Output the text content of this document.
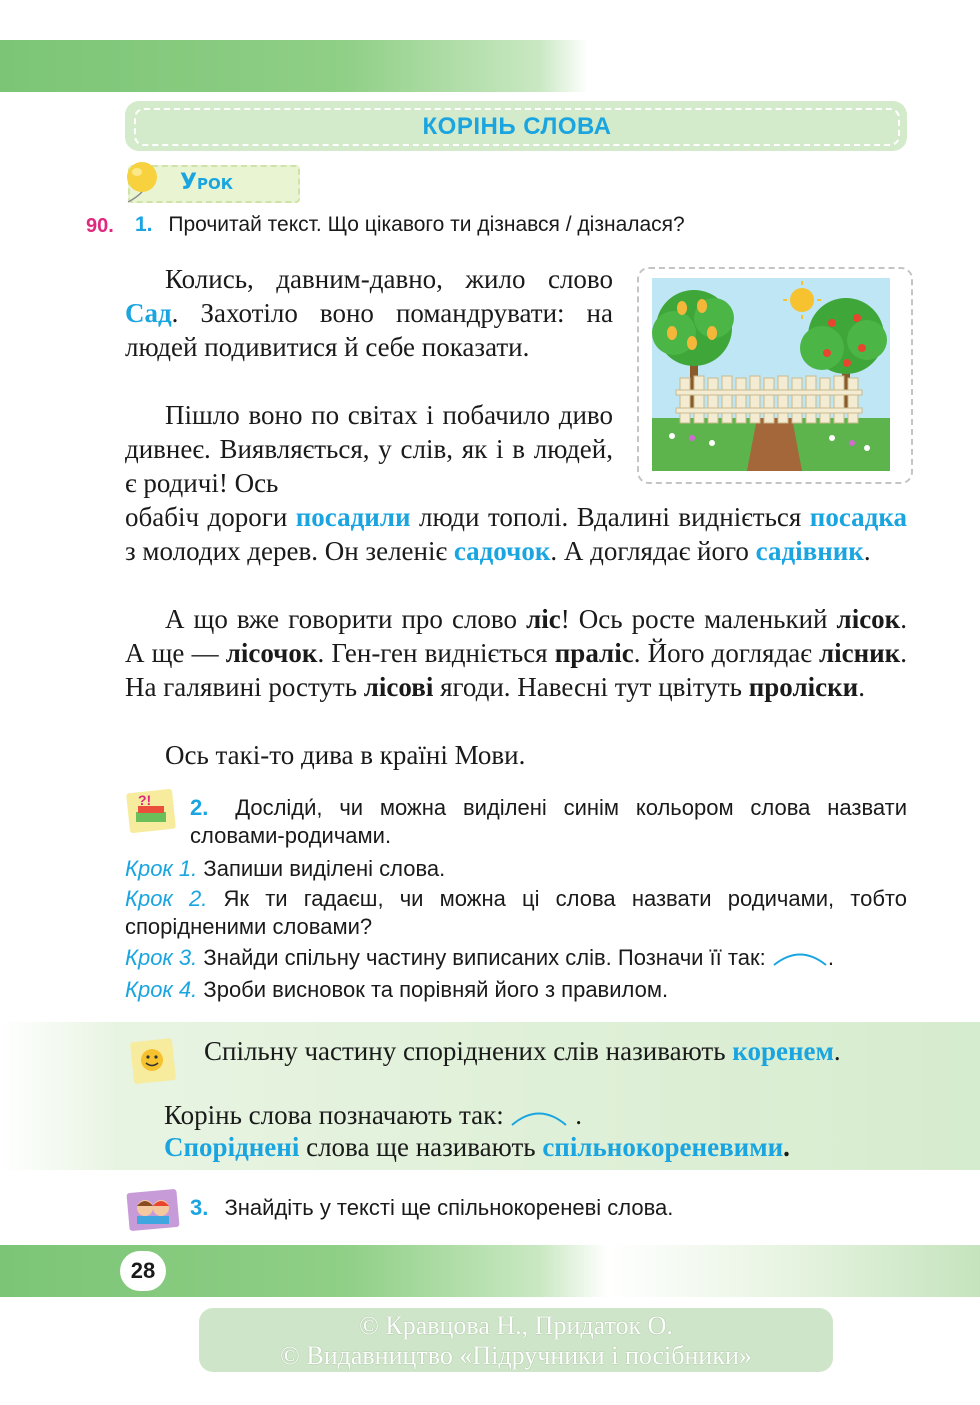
КОРІНЬ СЛОВА
Урок
90. 1. Прочитай текст. Що цікавого ти дізнався / дізналася?
Колись, давним-давно, жило слово Сад. Захотіло воно помандрувати: на людей подивитися й себе показати.
Пішло воно по світах і побачило диво дивнеє. Виявляється, у слів, як і в людей, є родичі! Ось
обабіч дороги посадили люди тополі. Вдалині видніється посадка з молодих дерев. Он зеленіє садочок. А доглядає його садівник.
А що вже говорити про слово ліс! Ось росте маленький лісок. А ще — лісочок. Ген-ген видніється праліс. Його доглядає лісник. На галявині ростуть лісові ягоди. Навесні тут цвітуть проліски.
Ось такі-то дива в країні Мови.
?! 2. Досліди́, чи можна виділені синім кольором слова назвати словами-родичами.
Крок 1. Запиши виділені слова.
Крок 2. Як ти гадаєш, чи можна ці слова назвати родичами, тобто спорідненими словами?
Крок 3. Знайди спільну частину виписаних слів. Позначи її так:	.
Крок 4. Зроби висновок та порівняй його з правилом.
Спільну частину споріднених слів називають коренем.
Корінь слова позначають так:	.
Споріднені слова ще називають спільнокореневими.
3. Знайдіть у тексті ще спільнокореневі слова.
28
© Кравцова Н., Придаток О.
© Видавництво «Підручники і посібники»
